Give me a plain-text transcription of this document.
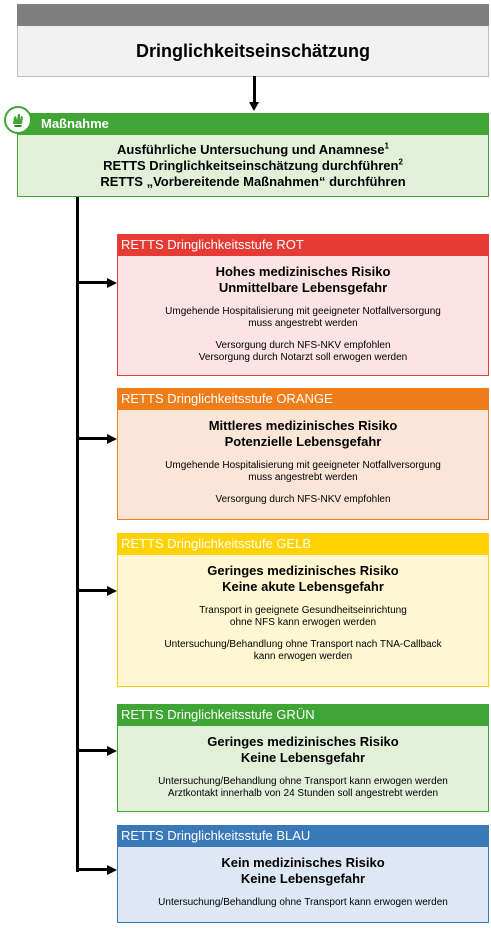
Dringlichkeitseinschätzung
Maßnahme
Ausführliche Untersuchung und Anamnese$^1$
RETTS Dringlichkeitseinschätzung durchführen$^2$
RETTS „Vorbereitende Maßnahmen“ durchführen
RETTS Dringlichkeitsstufe ROT
Hohes medizinisches Risiko
Unmittelbare Lebensgefahr
Umgehende Hospitalisierung mit geeigneter Notfallversorgung
muss angestrebt werden
Versorgung durch NFS-NKV empfohlen
Versorgung durch Notarzt soll erwogen werden
RETTS Dringlichkeitsstufe ORANGE
Mittleres medizinisches Risiko
Potenzielle Lebensgefahr
Umgehende Hospitalisierung mit geeigneter Notfallversorgung
muss angestrebt werden
Versorgung durch NFS-NKV empfohlen
RETTS Dringlichkeitsstufe GELB
Geringes medizinisches Risiko
Keine akute Lebensgefahr
Transport in geeignete Gesundheitseinrichtung
ohne NFS kann erwogen werden
Untersuchung/Behandlung ohne Transport nach TNA-Callback
kann erwogen werden
RETTS Dringlichkeitsstufe GRÜN
Geringes medizinisches Risiko
Keine Lebensgefahr
Untersuchung/Behandlung ohne Transport kann erwogen werden
Arztkontakt innerhalb von 24 Stunden soll angestrebt werden
RETTS Dringlichkeitsstufe BLAU
Kein medizinisches Risiko
Keine Lebensgefahr
Untersuchung/Behandlung ohne Transport kann erwogen werden
